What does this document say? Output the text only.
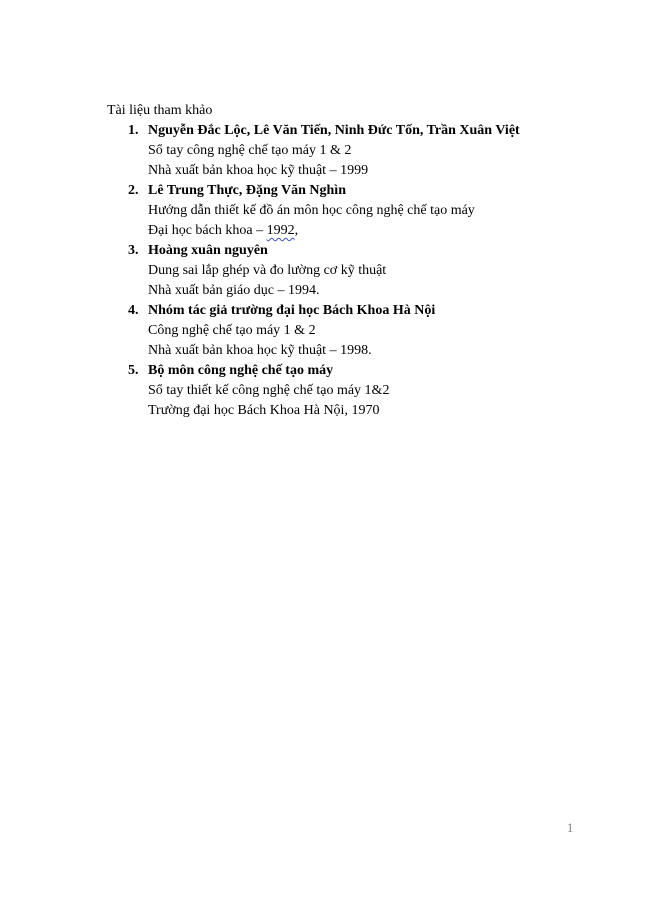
Tài liệu tham khảo
1. Nguyễn Đắc Lộc, Lê Văn Tiến, Ninh Đức Tốn, Trần Xuân Việt
Sổ tay công nghệ chế tạo máy 1 & 2
Nhà xuất bản khoa học kỹ thuật – 1999
2. Lê Trung Thực, Đặng Văn Nghìn
Hướng dẫn thiết kế đồ án môn học công nghệ chế tạo máy
Đại học bách khoa – 1992,
3. Hoàng xuân nguyên
Dung sai lắp ghép và đo lường cơ kỹ thuật
Nhà xuất bản giáo dục – 1994.
4. Nhóm tác giả trường đại học Bách Khoa Hà Nội
Công nghệ chế tạo máy 1 & 2
Nhà xuất bản khoa học kỹ thuật – 1998.
5. Bộ môn công nghệ chế tạo máy
Sổ tay thiết kế công nghệ chế tạo máy 1&2
Trường đại học Bách Khoa Hà Nội, 1970
1
